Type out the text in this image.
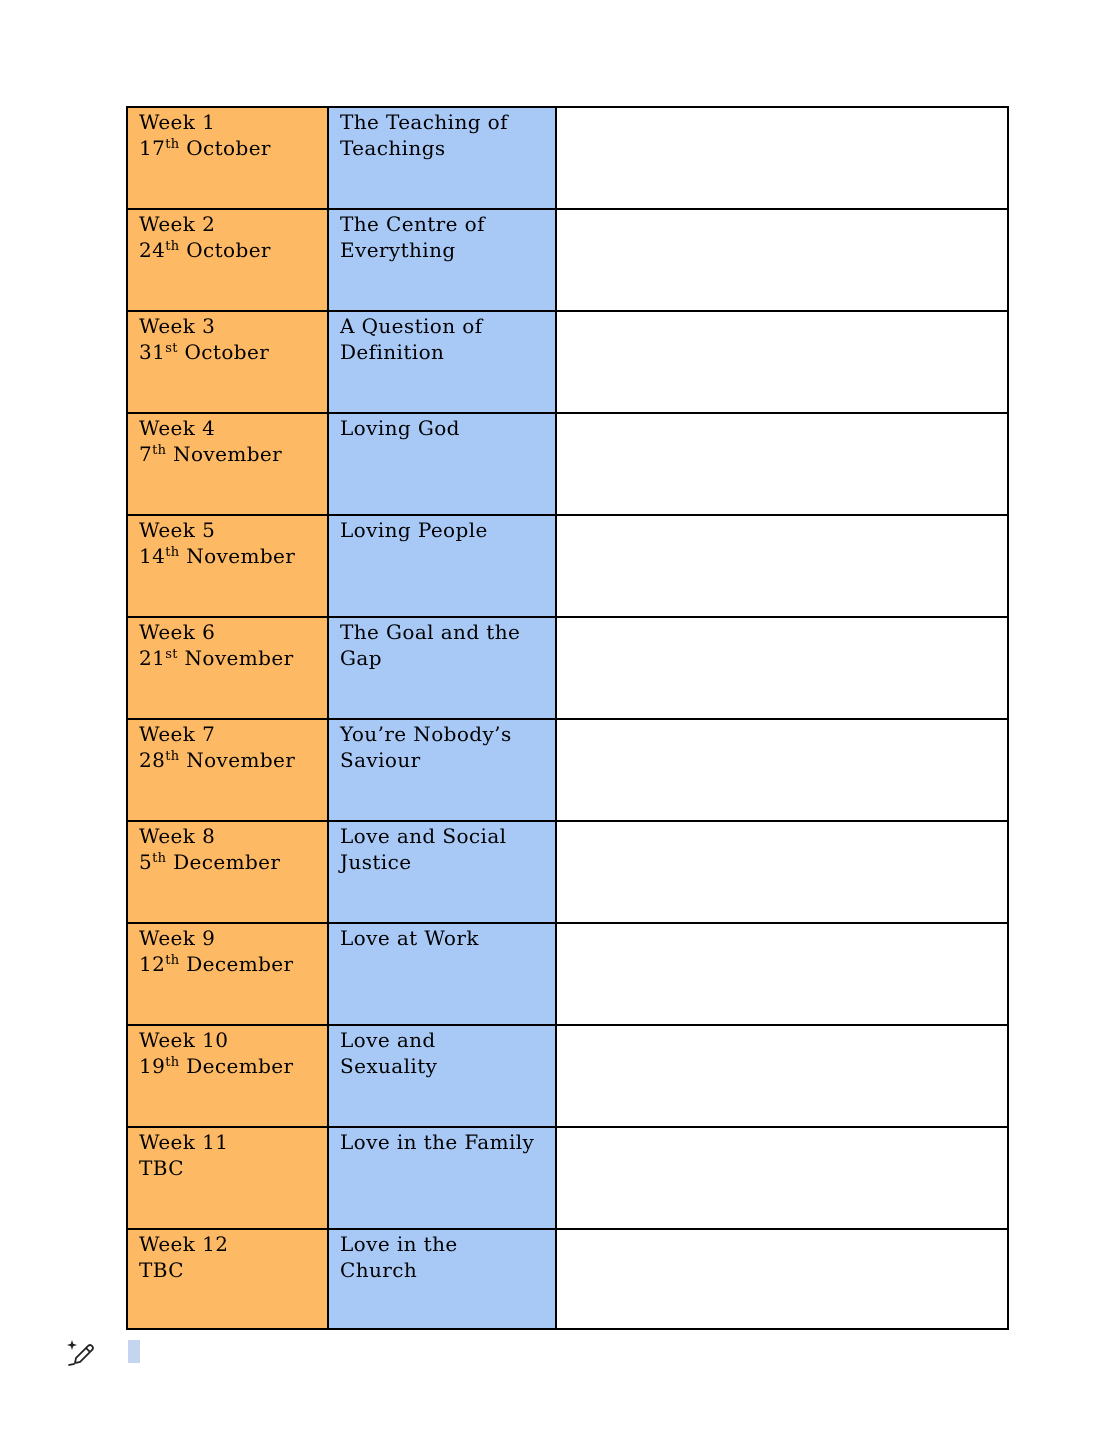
Week 1
17th October	The Teaching of
Teachings	

Week 2
24th October	The Centre of
Everything	

Week 3
31st October	A Question of
Definition	

Week 4
7th November	Loving God	

Week 5
14th November	Loving People	

Week 6
21st November	The Goal and the
Gap	

Week 7
28th November	You’re Nobody’s
Saviour	

Week 8
5th December	Love and Social
Justice	

Week 9
12th December	Love at Work	

Week 10
19th December	Love and
Sexuality	

Week 11
TBC	Love in the Family	

Week 12
TBC	Love in the
Church	
